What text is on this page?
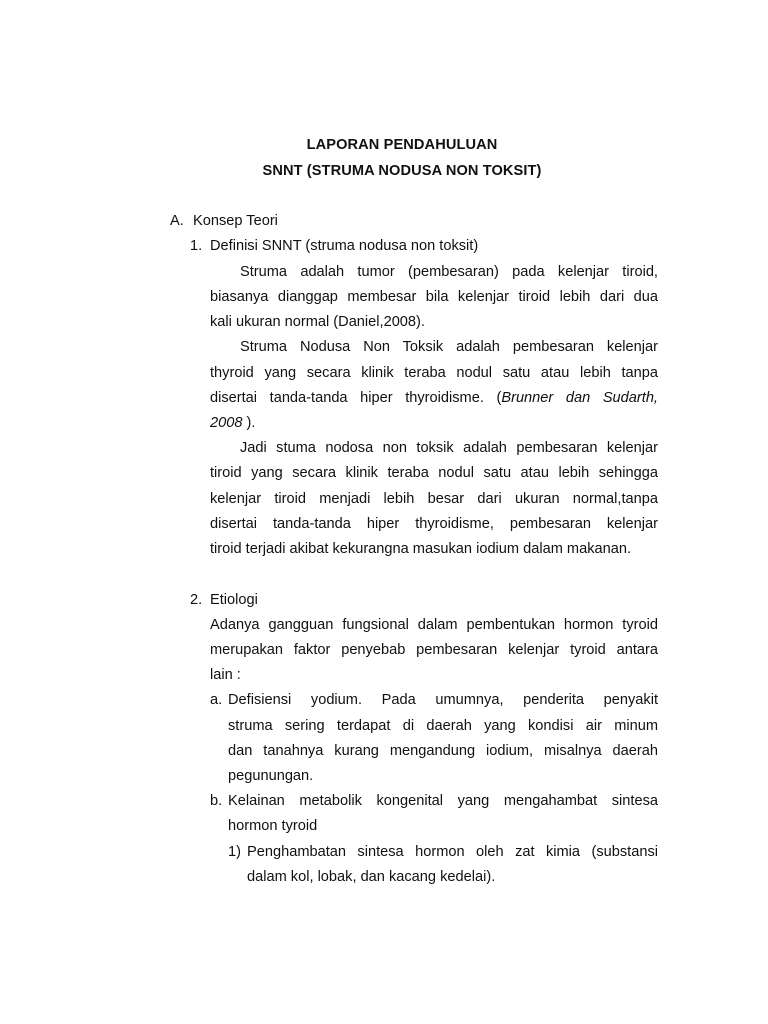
LAPORAN PENDAHULUAN
SNNT (STRUMA NODUSA NON TOKSIT)
A. Konsep Teori
1. Definisi SNNT (struma nodusa non toksit)
Struma adalah tumor (pembesaran) pada kelenjar tiroid,
biasanya dianggap membesar bila kelenjar tiroid lebih dari dua
kali ukuran normal (Daniel,2008).
Struma Nodusa Non Toksik adalah pembesaran kelenjar
thyroid yang secara klinik teraba nodul satu atau lebih tanpa
disertai tanda-tanda hiper thyroidisme. (Brunner dan Sudarth,
2008 ).
Jadi stuma nodosa non toksik adalah pembesaran kelenjar
tiroid yang secara klinik teraba nodul satu atau lebih sehingga
kelenjar tiroid menjadi lebih besar dari ukuran normal,tanpa
disertai tanda-tanda hiper thyroidisme, pembesaran kelenjar
tiroid terjadi akibat kekurangna masukan iodium dalam makanan.
2. Etiologi
Adanya gangguan fungsional dalam pembentukan hormon tyroid
merupakan faktor penyebab pembesaran kelenjar tyroid antara
lain :
a. Defisiensi yodium. Pada umumnya, penderita penyakit
struma sering terdapat di daerah yang kondisi air minum
dan tanahnya kurang mengandung iodium, misalnya daerah
pegunungan.
b. Kelainan metabolik kongenital yang mengahambat sintesa
hormon tyroid
1) Penghambatan sintesa hormon oleh zat kimia (substansi
dalam kol, lobak, dan kacang kedelai).
